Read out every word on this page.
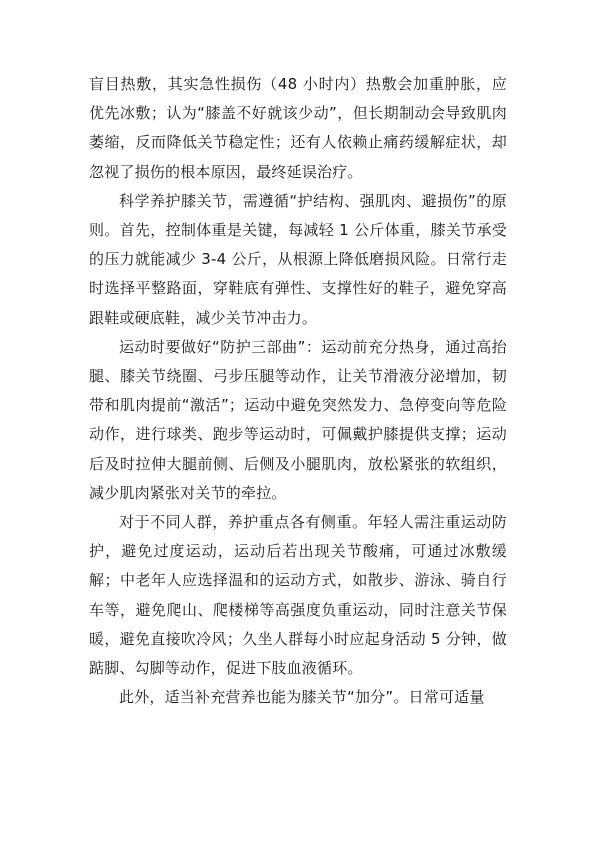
盲目热敷，其实急性损伤（48 小时内）热敷会加重肿胀，应优先冰敷；认为“膝盖不好就该少动”，但长期制动会导致肌肉萎缩，反而降低关节稳定性；还有人依赖止痛药缓解症状，却忽视了损伤的根本原因，最终延误治疗。

科学养护膝关节，需遵循“护结构、强肌肉、避损伤”的原则。首先，控制体重是关键，每减轻 1 公斤体重，膝关节承受的压力就能减少 3-4 公斤，从根源上降低磨损风险。日常行走时选择平整路面，穿鞋底有弹性、支撑性好的鞋子，避免穿高跟鞋或硬底鞋，减少关节冲击力。

运动时要做好“防护三部曲”：运动前充分热身，通过高抬腿、膝关节绕圈、弓步压腿等动作，让关节滑液分泌增加，韧带和肌肉提前“激活”；运动中避免突然发力、急停变向等危险动作，进行球类、跑步等运动时，可佩戴护膝提供支撑；运动后及时拉伸大腿前侧、后侧及小腿肌肉，放松紧张的软组织，减少肌肉紧张对关节的牵拉。

对于不同人群，养护重点各有侧重。年轻人需注重运动防护，避免过度运动，运动后若出现关节酸痛，可通过冰敷缓解；中老年人应选择温和的运动方式，如散步、游泳、骑自行车等，避免爬山、爬楼梯等高强度负重运动，同时注意关节保暖，避免直接吹冷风；久坐人群每小时应起身活动 5 分钟，做踮脚、勾脚等动作，促进下肢血液循环。

此外，适当补充营养也能为膝关节“加分”。日常可适量
